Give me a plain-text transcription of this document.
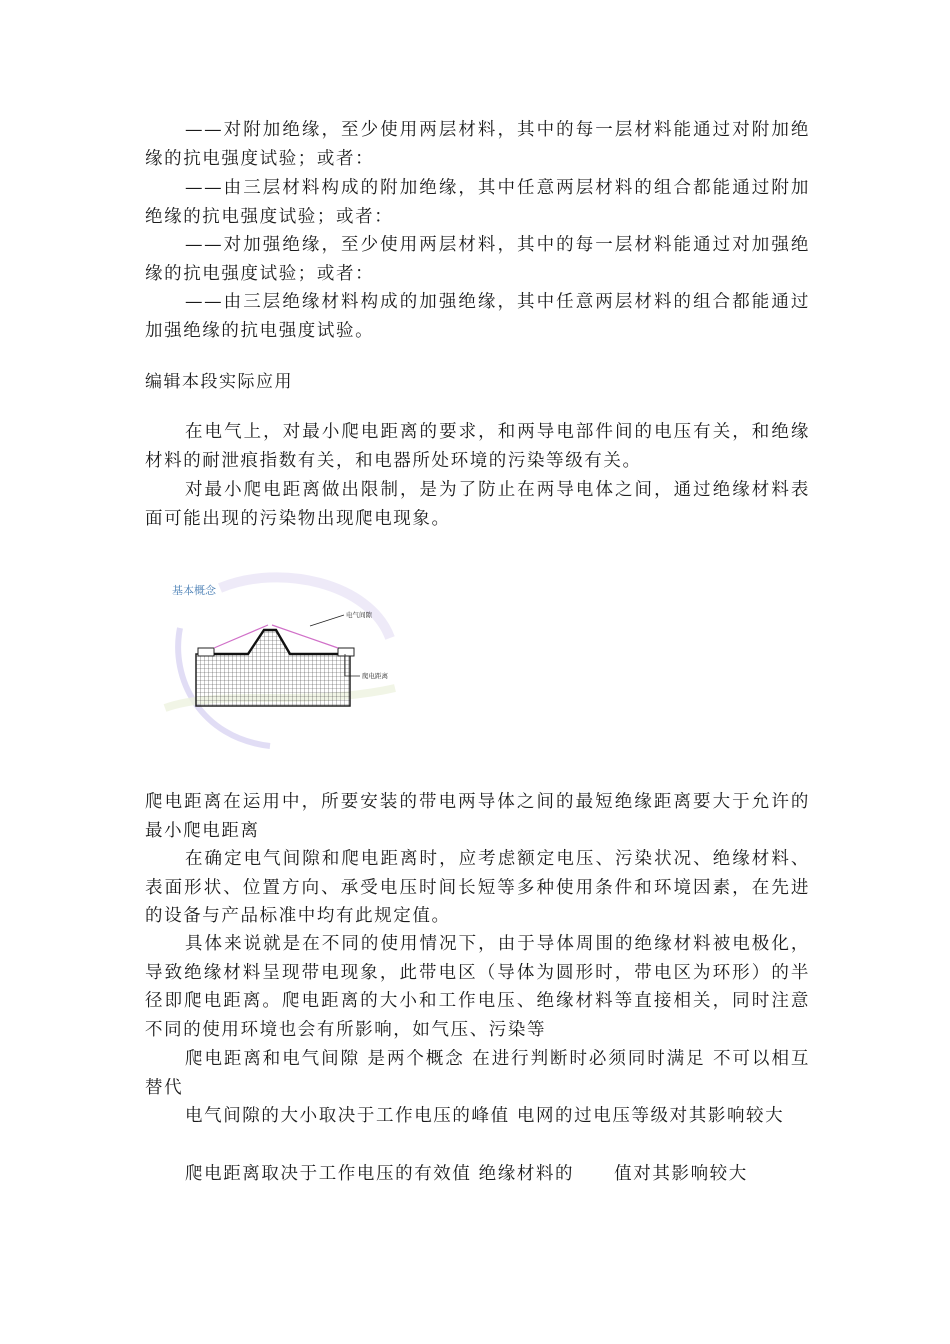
——对附加绝缘，至少使用两层材料，其中的每一层材料能通过对附加绝缘的抗电强度试验；或者：

——由三层材料构成的附加绝缘，其中任意两层材料的组合都能通过附加绝缘的抗电强度试验；或者：

——对加强绝缘，至少使用两层材料，其中的每一层材料能通过对加强绝缘的抗电强度试验；或者：

——由三层绝缘材料构成的加强绝缘，其中任意两层材料的组合都能通过加强绝缘的抗电强度试验。

编辑本段实际应用

在电气上，对最小爬电距离的要求，和两导电部件间的电压有关，和绝缘材料的耐泄痕指数有关，和电器所处环境的污染等级有关。

对最小爬电距离做出限制，是为了防止在两导电体之间，通过绝缘材料表面可能出现的污染物出现爬电现象。

基本概念
电气间隙
爬电距离

爬电距离在运用中，所要安装的带电两导体之间的最短绝缘距离要大于允许的最小爬电距离

在确定电气间隙和爬电距离时，应考虑额定电压、污染状况、绝缘材料、表面形状、位置方向、承受电压时间长短等多种使用条件和环境因素，在先进的设备与产品标准中均有此规定值。

具体来说就是在不同的使用情况下，由于导体周围的绝缘材料被电极化，导致绝缘材料呈现带电现象，此带电区（导体为圆形时，带电区为环形）的半径即爬电距离。爬电距离的大小和工作电压、绝缘材料等直接相关，同时注意不同的使用环境也会有所影响，如气压、污染等

爬电距离和电气间隙 是两个概念 在进行判断时必须同时满足 不可以相互替代

电气间隙的大小取决于工作电压的峰值 电网的过电压等级对其影响较大

爬电距离取决于工作电压的有效值 绝缘材料的 值对其影响较大
